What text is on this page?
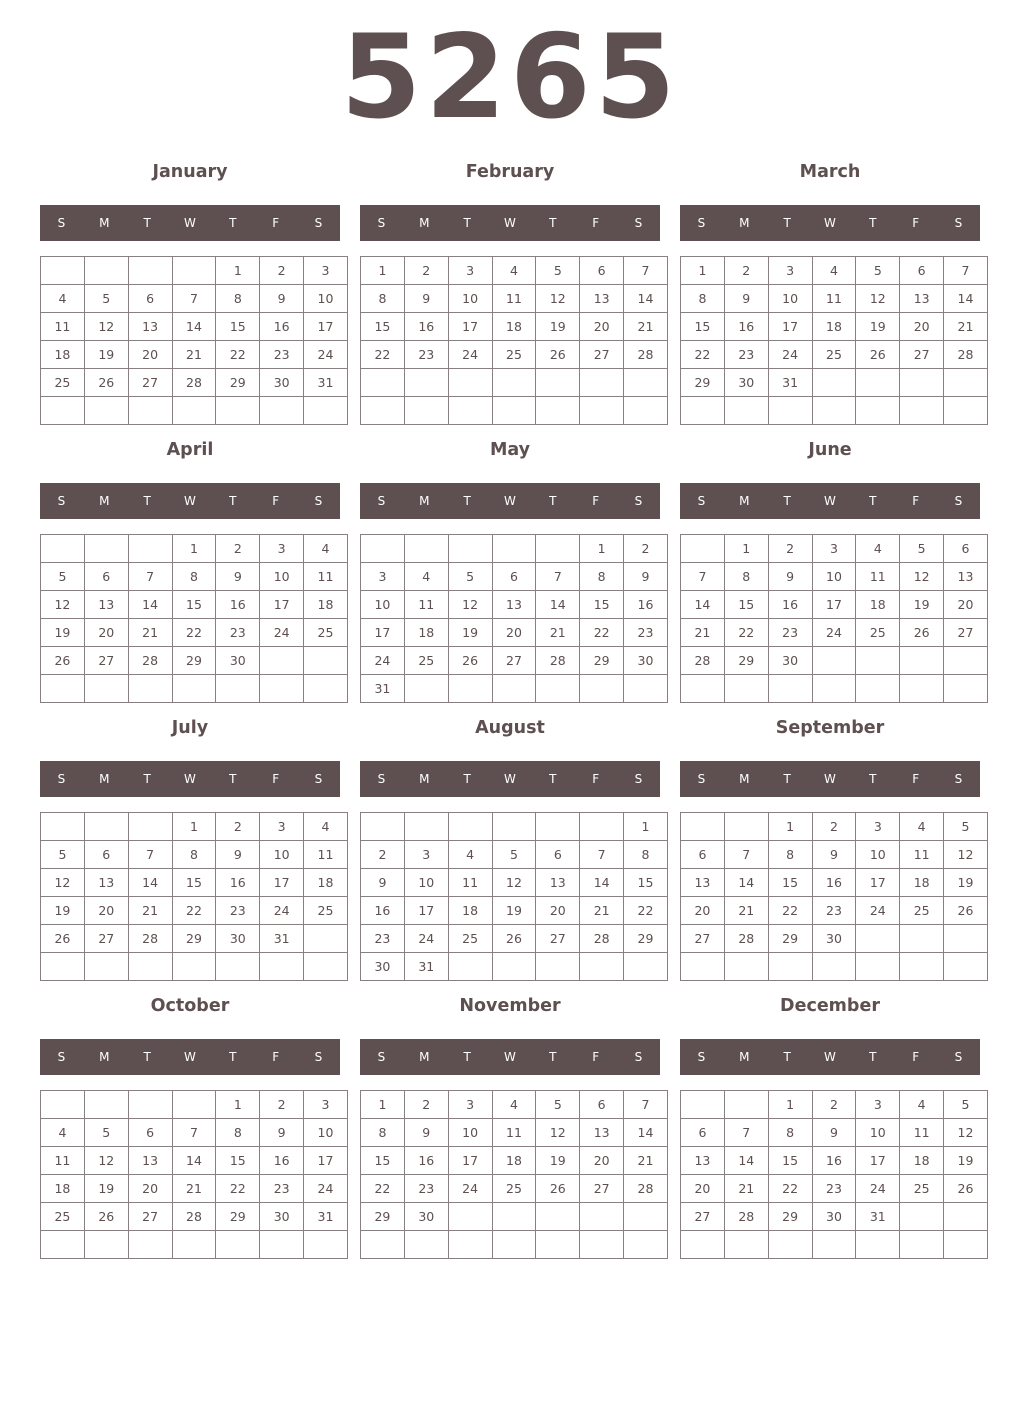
5265
January
S	M	T	W	T	F	S
				1	2	3
4	5	6	7	8	9	10
11	12	13	14	15	16	17
18	19	20	21	22	23	24
25	26	27	28	29	30	31

February
S	M	T	W	T	F	S
1	2	3	4	5	6	7
8	9	10	11	12	13	14
15	16	17	18	19	20	21
22	23	24	25	26	27	28

March
S	M	T	W	T	F	S
1	2	3	4	5	6	7
8	9	10	11	12	13	14
15	16	17	18	19	20	21
22	23	24	25	26	27	28
29	30	31				

April
S	M	T	W	T	F	S
			1	2	3	4
5	6	7	8	9	10	11
12	13	14	15	16	17	18
19	20	21	22	23	24	25
26	27	28	29	30		

May
S	M	T	W	T	F	S
					1	2
3	4	5	6	7	8	9
10	11	12	13	14	15	16
17	18	19	20	21	22	23
24	25	26	27	28	29	30
31						
June
S	M	T	W	T	F	S
	1	2	3	4	5	6
7	8	9	10	11	12	13
14	15	16	17	18	19	20
21	22	23	24	25	26	27
28	29	30				

July
S	M	T	W	T	F	S
			1	2	3	4
5	6	7	8	9	10	11
12	13	14	15	16	17	18
19	20	21	22	23	24	25
26	27	28	29	30	31	

August
S	M	T	W	T	F	S
						1
2	3	4	5	6	7	8
9	10	11	12	13	14	15
16	17	18	19	20	21	22
23	24	25	26	27	28	29
30	31					
September
S	M	T	W	T	F	S
		1	2	3	4	5
6	7	8	9	10	11	12
13	14	15	16	17	18	19
20	21	22	23	24	25	26
27	28	29	30			

October
S	M	T	W	T	F	S
				1	2	3
4	5	6	7	8	9	10
11	12	13	14	15	16	17
18	19	20	21	22	23	24
25	26	27	28	29	30	31

November
S	M	T	W	T	F	S
1	2	3	4	5	6	7
8	9	10	11	12	13	14
15	16	17	18	19	20	21
22	23	24	25	26	27	28
29	30					

December
S	M	T	W	T	F	S
		1	2	3	4	5
6	7	8	9	10	11	12
13	14	15	16	17	18	19
20	21	22	23	24	25	26
27	28	29	30	31		
